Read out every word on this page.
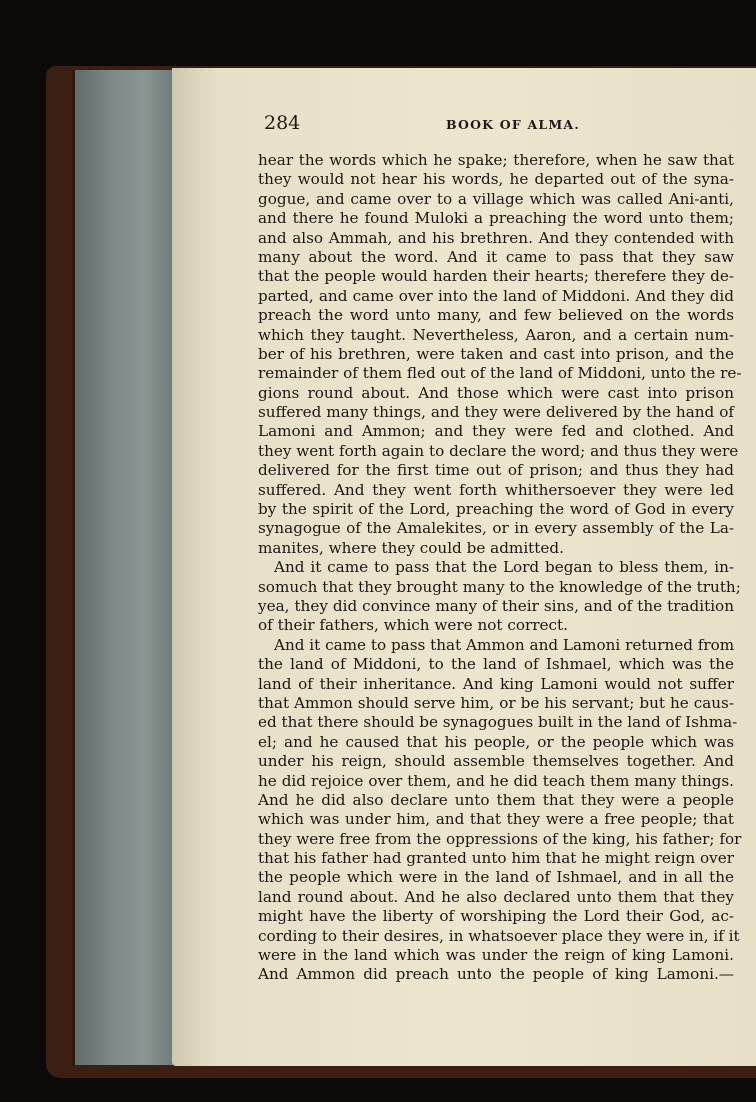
284	BOOK OF ALMA.
hear the words which he spake; therefore, when he saw that
they would not hear his words, he departed out of the syna-
gogue, and came over to a village which was called Ani-anti,
and there he found Muloki a preaching the word unto them;
and also Ammah, and his brethren. And they contended with
many about the word. And it came to pass that they saw
that the people would harden their hearts; therefere they de-
parted, and came over into the land of Middoni. And they did
preach the word unto many, and few believed on the words
which they taught. Nevertheless, Aaron, and a certain num-
ber of his brethren, were taken and cast into prison, and the
remainder of them fled out of the land of Middoni, unto the re-
gions round about. And those which were cast into prison
suffered many things, and they were delivered by the hand of
Lamoni and Ammon; and they were fed and clothed. And
they went forth again to declare the word; and thus they were
delivered for the first time out of prison; and thus they had
suffered. And they went forth whithersoever they were led
by the spirit of the Lord, preaching the word of God in every
synagogue of the Amalekites, or in every assembly of the La-
manites, where they could be admitted.
And it came to pass that the Lord began to bless them, in-
somuch that they brought many to the knowledge of the truth;
yea, they did convince many of their sins, and of the tradition
of their fathers, which were not correct.
And it came to pass that Ammon and Lamoni returned from
the land of Middoni, to the land of Ishmael, which was the
land of their inheritance. And king Lamoni would not suffer
that Ammon should serve him, or be his servant; but he caus-
ed that there should be synagogues built in the land of Ishma-
el; and he caused that his people, or the people which was
under his reign, should assemble themselves together. And
he did rejoice over them, and he did teach them many things.
And he did also declare unto them that they were a people
which was under him, and that they were a free people; that
they were free from the oppressions of the king, his father; for
that his father had granted unto him that he might reign over
the people which were in the land of Ishmael, and in all the
land round about. And he also declared unto them that they
might have the liberty of worshiping the Lord their God, ac-
cording to their desires, in whatsoever place they were in, if it
were in the land which was under the reign of king Lamoni.
And Ammon did preach unto the people of king Lamoni.—
